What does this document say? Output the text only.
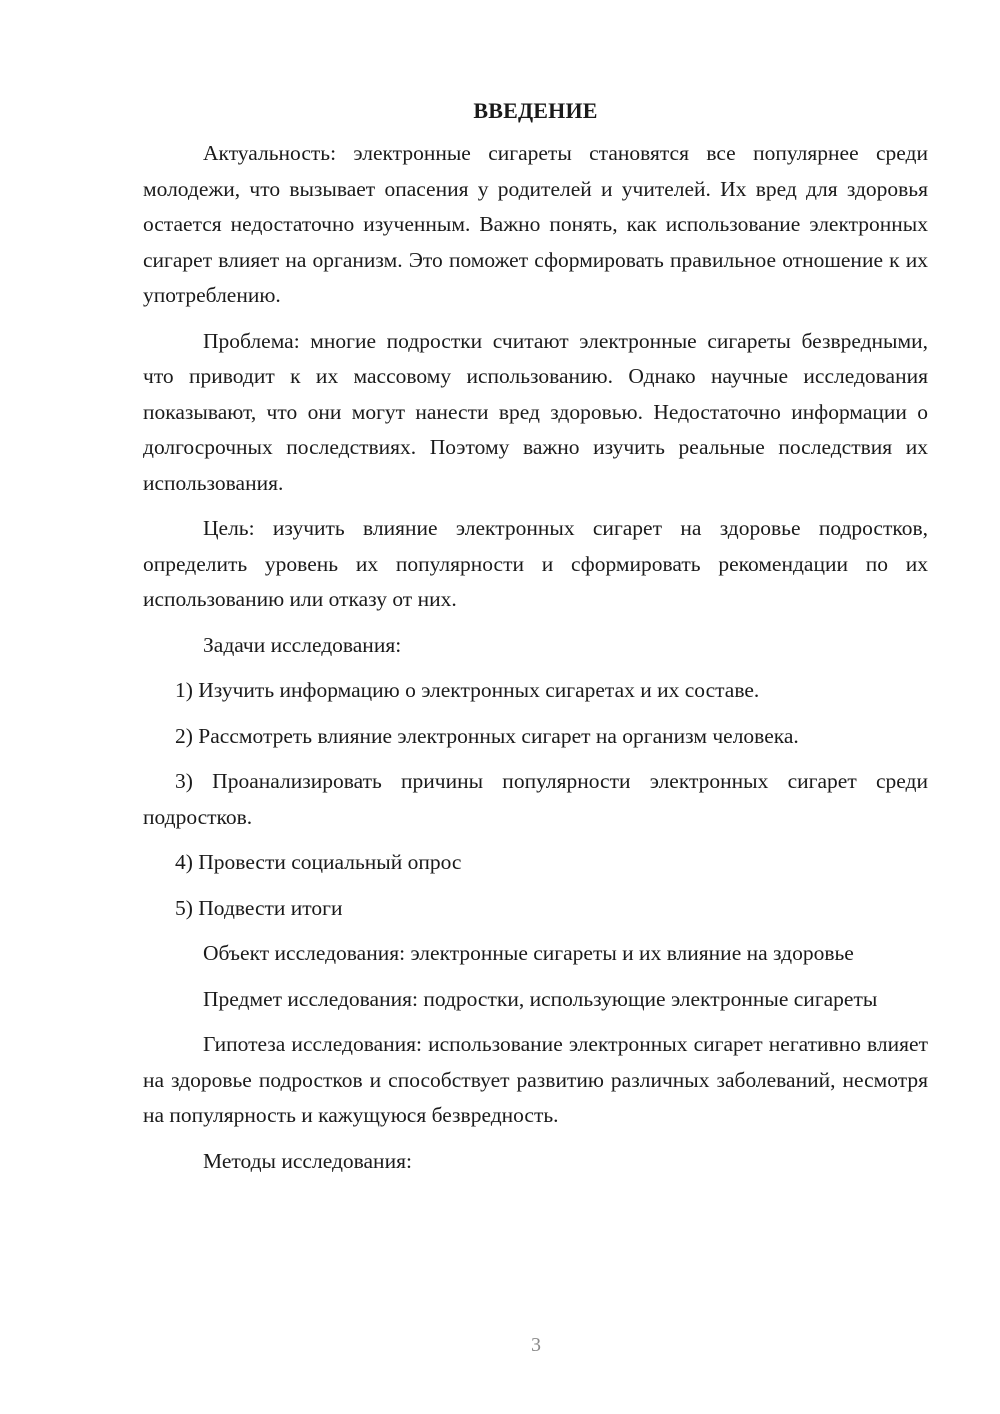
ВВЕДЕНИЕ

Актуальность: электронные сигареты становятся все популярнее среди молодежи, что вызывает опасения у родителей и учителей. Их вред для здоровья остается недостаточно изученным. Важно понять, как использование электронных сигарет влияет на организм. Это поможет сформировать правильное отношение к их употреблению.

Проблема: многие подростки считают электронные сигареты безвредными, что приводит к их массовому использованию. Однако научные исследования показывают, что они могут нанести вред здоровью. Недостаточно информации о долгосрочных последствиях. Поэтому важно изучить реальные последствия их использования.

Цель: изучить влияние электронных сигарет на здоровье подростков, определить уровень их популярности и сформировать рекомендации по их использованию или отказу от них.

Задачи исследования:

1) Изучить информацию о электронных сигаретах и их составе.

2) Рассмотреть влияние электронных сигарет на организм человека.

3) Проанализировать причины популярности электронных сигарет среди подростков.

4) Провести социальный опрос

5) Подвести итоги

Объект исследования: электронные сигареты и их влияние на здоровье

Предмет исследования: подростки, использующие электронные сигареты

Гипотеза исследования: использование электронных сигарет негативно влияет на здоровье подростков и способствует развитию различных заболеваний, несмотря на популярность и кажущуюся безвредность.

Методы исследования:

3
